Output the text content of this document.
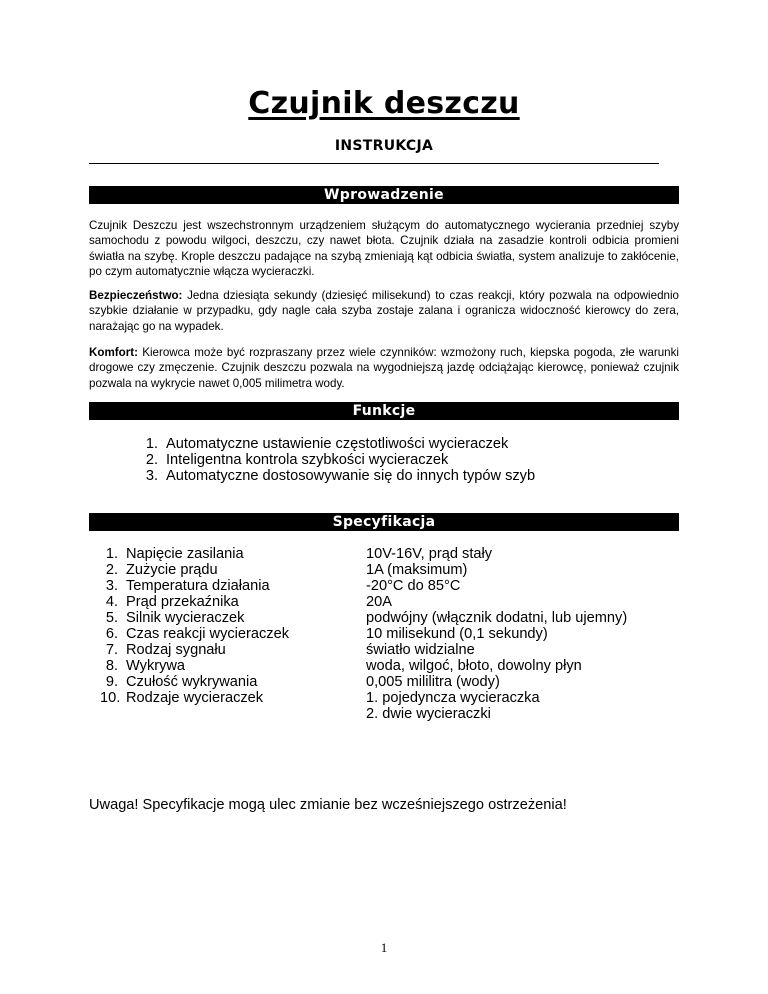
Czujnik deszczu
INSTRUKCJA
Wprowadzenie
Czujnik Deszczu jest wszechstronnym urządzeniem służącym do automatycznego wycierania przedniej szyby samochodu z powodu wilgoci, deszczu, czy nawet błota. Czujnik działa na zasadzie kontroli odbicia promieni światła na szybę. Krople deszczu padające na szybą zmieniają kąt odbicia światła, system analizuje to zakłócenie, po czym automatycznie włącza wycieraczki.
Bezpieczeństwo: Jedna dziesiąta sekundy (dziesięć milisekund) to czas reakcji, który pozwala na odpowiednio szybkie działanie w przypadku, gdy nagle cała szyba zostaje zalana i ogranicza widoczność kierowcy do zera, narażając go na wypadek.
Komfort: Kierowca może być rozpraszany przez wiele czynników: wzmożony ruch, kiepska pogoda, złe warunki drogowe czy zmęczenie. Czujnik deszczu pozwala na wygodniejszą jazdę odciążając kierowcę, ponieważ czujnik pozwala na wykrycie nawet 0,005 milimetra wody.
Funkcje
1. Automatyczne ustawienie częstotliwości wycieraczek
2. Inteligentna kontrola szybkości wycieraczek
3. Automatyczne dostosowywanie się do innych typów szyb
Specyfikacja
1. Napięcie zasilania
2. Zużycie prądu
3. Temperatura działania
4. Prąd przekaźnika
5. Silnik wycieraczek
6. Czas reakcji wycieraczek
7. Rodzaj sygnału
8. Wykrywa
9. Czułość wykrywania
10. Rodzaje wycieraczek
10V-16V, prąd stały
1A (maksimum)
-20°C do 85°C
20A
podwójny (włącznik dodatni, lub ujemny)
10 milisekund (0,1 sekundy)
światło widzialne
woda, wilgoć, błoto, dowolny płyn
0,005 mililitra (wody)
1. pojedyncza wycieraczka
2. dwie wycieraczki
Uwaga! Specyfikacje mogą ulec zmianie bez wcześniejszego ostrzeżenia!
1
